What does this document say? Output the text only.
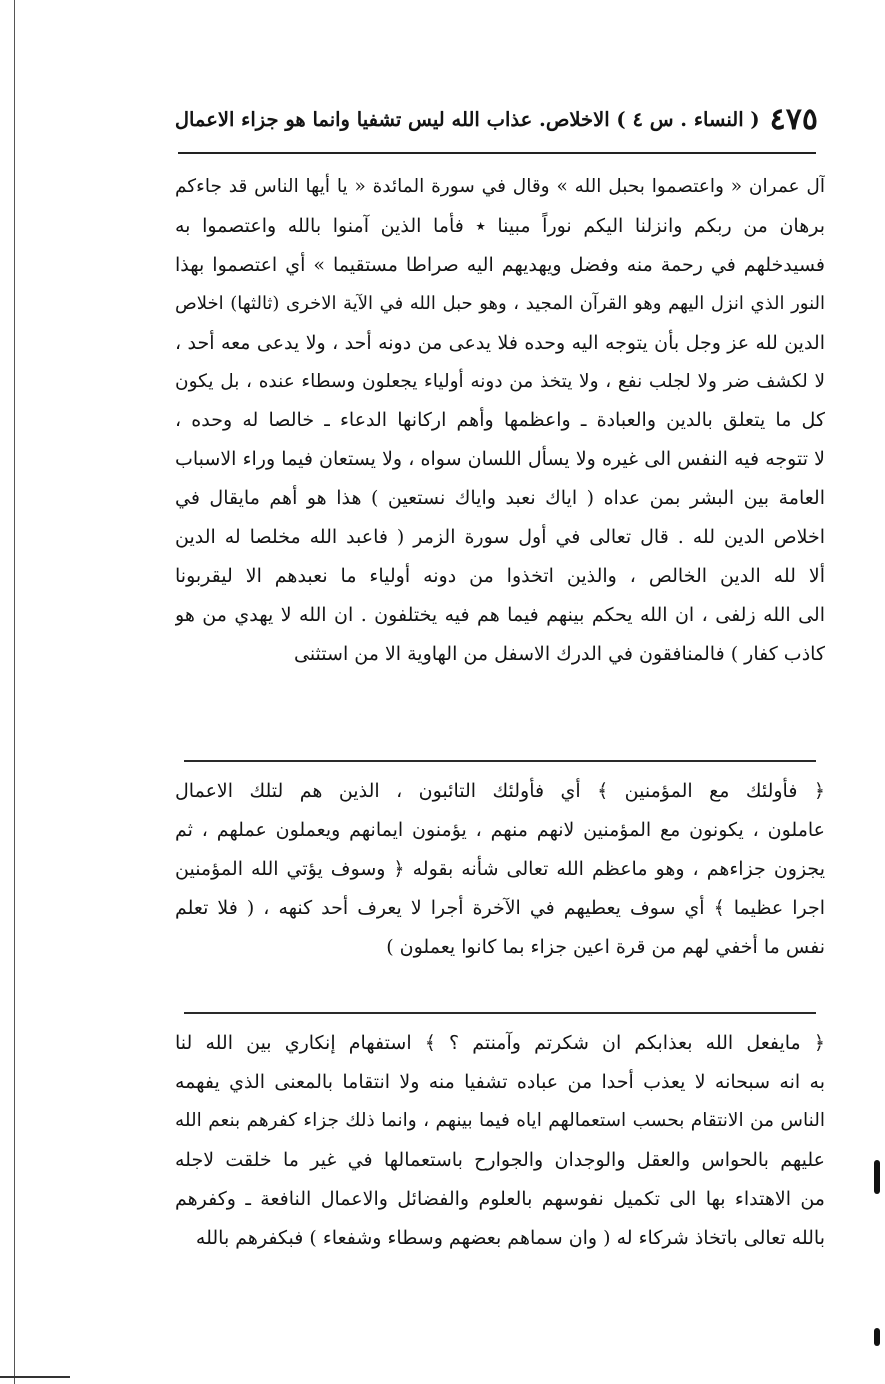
٤٧٥
( النساء . س ٤ ) الاخلاص. عذاب الله ليس تشفيا وانما هو جزاء الاعمال

آل عمران « واعتصموا بحبل الله » وقال في سورة المائدة « يا أيها الناس قد جاءكم

برهان من ربكم وانزلنا اليكم نوراً مبينا ٭ فأما الذين آمنوا بالله واعتصموا به

فسيدخلهم في رحمة منه وفضل ويهديهم اليه صراطا مستقيما » أي اعتصموا بهذا

النور الذي انزل اليهم وهو القرآن المجيد ، وهو حبل الله في الآية الاخرى (ثالثها) اخلاص

الدين لله عز وجل بأن يتوجه اليه وحده فلا يدعى من دونه أحد ، ولا يدعى معه أحد ،

لا لكشف ضر ولا لجلب نفع ، ولا يتخذ من دونه أولياء يجعلون وسطاء عنده ، بل يكون

كل ما يتعلق بالدين والعبادة ـ واعظمها وأهم اركانها الدعاء ـ خالصا له وحده ،

لا تتوجه فيه النفس الى غيره ولا يسأل اللسان سواه ، ولا يستعان فيما وراء الاسباب

العامة بين البشر بمن عداه ( اياك نعبد واياك نستعين ) هذا هو أهم مايقال في

اخلاص الدين لله . قال تعالى في أول سورة الزمر ( فاعبد الله مخلصا له الدين

ألا لله الدين الخالص ، والذين اتخذوا من دونه أولياء ما نعبدهم الا ليقربونا

الى الله زلفى ، ان الله يحكم بينهم فيما هم فيه يختلفون . ان الله لا يهدي من هو

كاذب كفار ) فالمنافقون في الدرك الاسفل من الهاوية الا من استثنى

﴿ فأولئك مع المؤمنين ﴾ أي فأولئك التائبون ، الذين هم لتلك الاعمال

عاملون ، يكونون مع المؤمنين لانهم منهم ، يؤمنون ايمانهم ويعملون عملهم ، ثم

يجزون جزاءهم ، وهو ماعظم الله تعالى شأنه بقوله ﴿ وسوف يؤتي الله المؤمنين

اجرا عظيما ﴾ أي سوف يعطيهم في الآخرة أجرا لا يعرف أحد كنهه ، ( فلا تعلم

نفس ما أخفي لهم من قرة اعين جزاء بما كانوا يعملون )

﴿ مايفعل الله بعذابكم ان شكرتم وآمنتم ؟ ﴾ استفهام إنكاري بين الله لنا

به انه سبحانه لا يعذب أحدا من عباده تشفيا منه ولا انتقاما بالمعنى الذي يفهمه

الناس من الانتقام بحسب استعمالهم اياه فيما بينهم ، وانما ذلك جزاء كفرهم بنعم الله

عليهم بالحواس والعقل والوجدان والجوارح باستعمالها في غير ما خلقت لاجله

من الاهتداء بها الى تكميل نفوسهم بالعلوم والفضائل والاعمال النافعة ـ وكفرهم

بالله تعالى باتخاذ شركاء له ( وان سماهم بعضهم وسطاء وشفعاء ) فبكفرهم بالله
